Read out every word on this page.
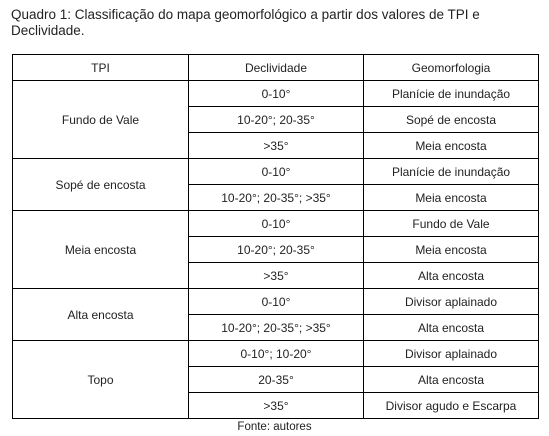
Quadro 1: Classificação do mapa geomorfológico a partir dos valores de TPI e Declividade.
TPI	Declividade	Geomorfologia
Fundo de Vale	0-10°	Planície de inundação
	10-20°; 20-35°	Sopé de encosta
	>35°	Meia encosta
Sopé de encosta	0-10°	Planície de inundação
	10-20°; 20-35°; >35°	Meia encosta
Meia encosta	0-10°	Fundo de Vale
	10-20°; 20-35°	Meia encosta
	>35°	Alta encosta
Alta encosta	0-10°	Divisor aplainado
	10-20°; 20-35°; >35°	Alta encosta
Topo	0-10°; 10-20°	Divisor aplainado
	20-35°	Alta encosta
	>35°	Divisor agudo e Escarpa
Fonte: autores
